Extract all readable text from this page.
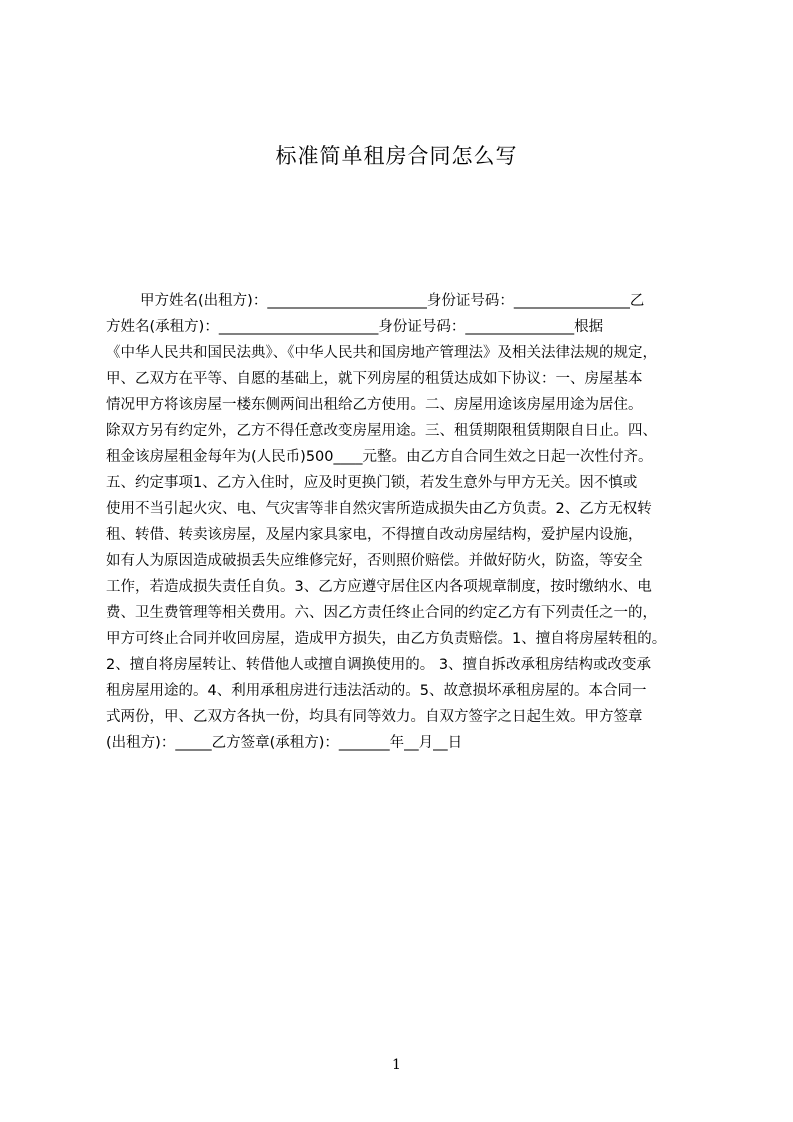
标准简单租房合同怎么写
甲方姓名(出租方)：______________________身份证号码：________________乙
方姓名(承租方)：______________________身份证号码：_______________根据
《中华人民共和国民法典》、《中华人民共和国房地产管理法》及相关法律法规的规定，
甲、乙双方在平等、自愿的基础上，就下列房屋的租赁达成如下协议：一、房屋基本
情况甲方将该房屋一楼东侧两间出租给乙方使用。二、房屋用途该房屋用途为居住。
除双方另有约定外，乙方不得任意改变房屋用途。三、租赁期限租赁期限自日止。四、
租金该房屋租金每年为(人民币)500____元整。由乙方自合同生效之日起一次性付齐。
五、约定事项1、乙方入住时，应及时更换门锁，若发生意外与甲方无关。因不慎或
使用不当引起火灾、电、气灾害等非自然灾害所造成损失由乙方负责。2、乙方无权转
租、转借、转卖该房屋，及屋内家具家电，不得擅自改动房屋结构，爱护屋内设施，
如有人为原因造成破损丢失应维修完好，否则照价赔偿。并做好防火，防盗，等安全
工作，若造成损失责任自负。3、乙方应遵守居住区内各项规章制度，按时缴纳水、电
费、卫生费管理等相关费用。六、因乙方责任终止合同的约定乙方有下列责任之一的，
甲方可终止合同并收回房屋，造成甲方损失，由乙方负责赔偿。1、擅自将房屋转租的。
2、擅自将房屋转让、转借他人或擅自调换使用的。 3、擅自拆改承租房结构或改变承
租房屋用途的。4、利用承租房进行违法活动的。5、故意损坏承租房屋的。本合同一
式两份，甲、乙双方各执一份，均具有同等效力。自双方签字之日起生效。甲方签章
(出租方)：_____乙方签章(承租方)：_______年__月__日
1
